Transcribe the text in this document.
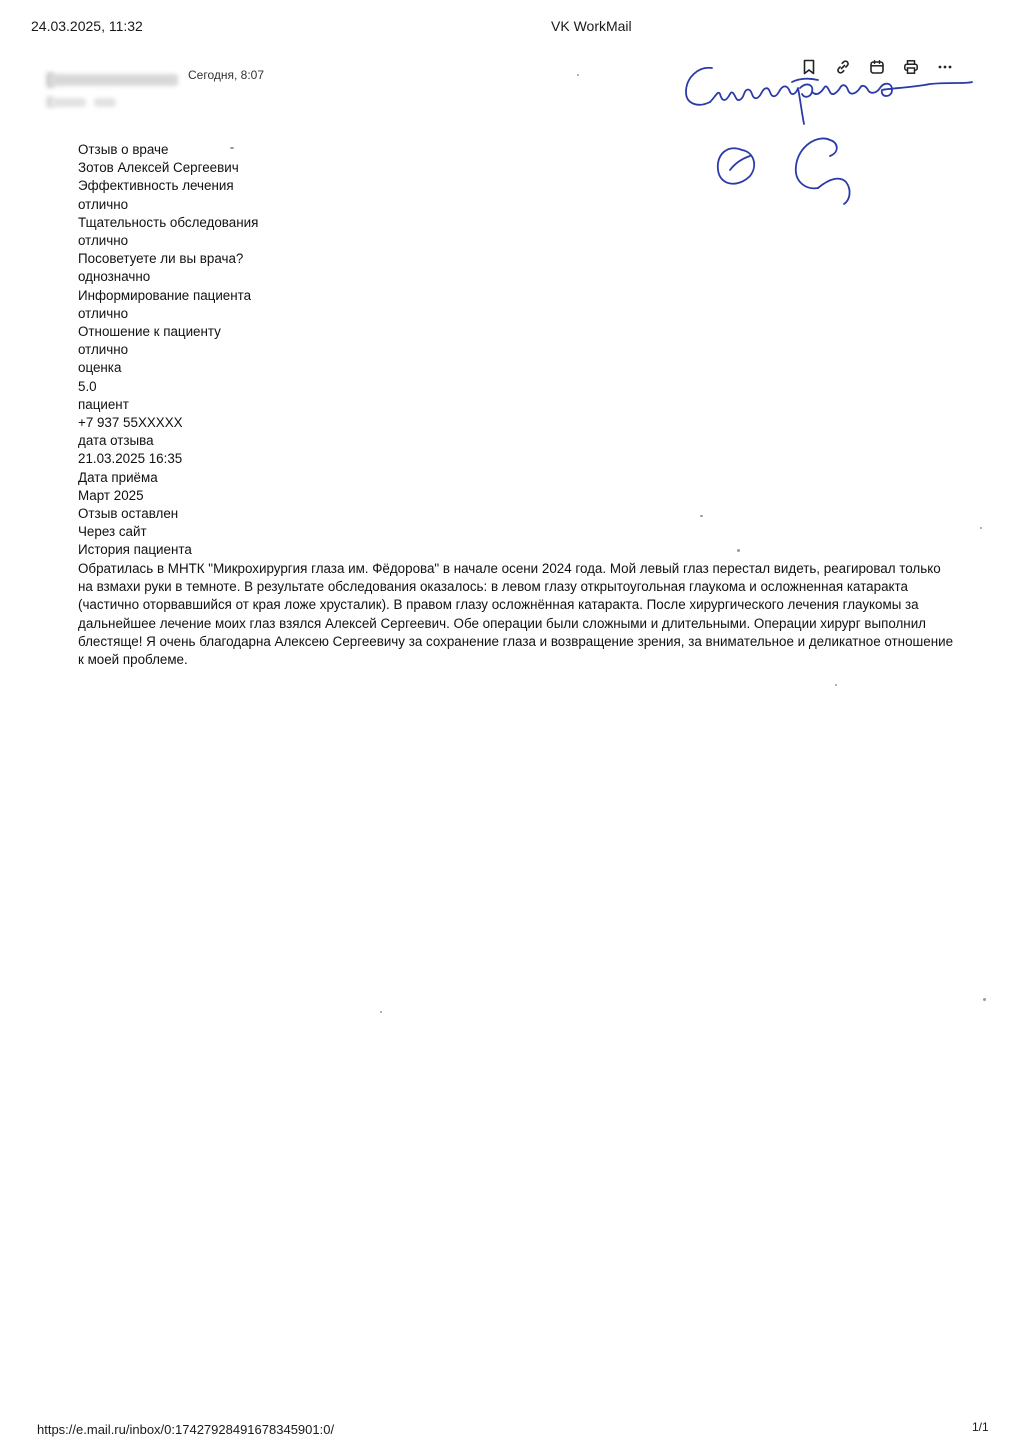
24.03.2025, 11:32	VK WorkMail
Сегодня, 8:07
Отзыв о враче
Зотов Алексей Сергеевич
Эффективность лечения
отлично
Тщательность обследования
отлично
Посоветуете ли вы врача?
однозначно
Информирование пациента
отлично
Отношение к пациенту
отлично
оценка
5.0
пациент
+7 937 55XXXXX
дата отзыва
21.03.2025 16:35
Дата приёма
Март 2025
Отзыв оставлен
Через сайт
История пациента
Обратилась в МНТК "Микрохирургия глаза им. Фёдорова" в начале осени 2024 года. Мой левый глаз перестал видеть, реагировал только на взмахи руки в темноте. В результате обследования оказалось: в левом глазу открытоугольная глаукома и осложненная катаракта (частично оторвавшийся от края ложе хрусталик). В правом глазу осложнённая катаракта. После хирургического лечения глаукомы за дальнейшее лечение моих глаз взялся Алексей Сергеевич. Обе операции были сложными и длительными. Операции хирург выполнил блестяще! Я очень благодарна Алексею Сергеевичу за сохранение глаза и возвращение зрения, за внимательное и деликатное отношение к моей проблеме.
https://e.mail.ru/inbox/0:17427928491678345901:0/	1/1
